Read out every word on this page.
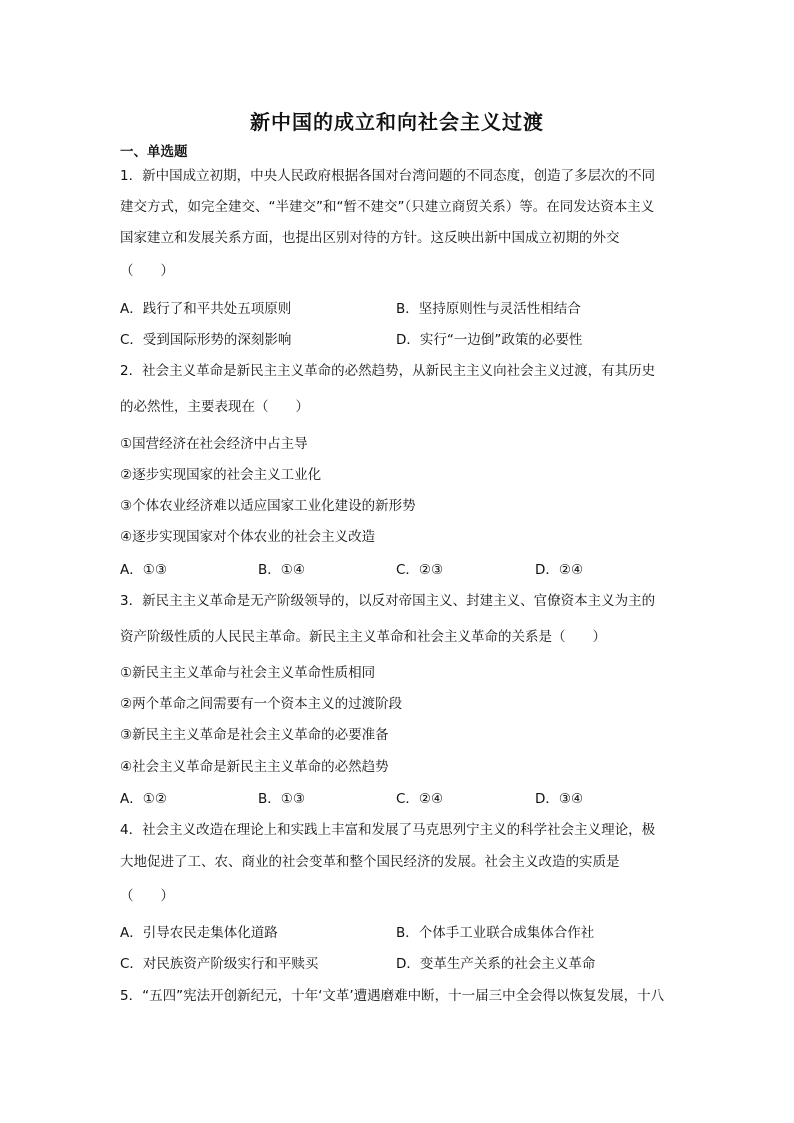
新中国的成立和向社会主义过渡
一、单选题
1．新中国成立初期，中央人民政府根据各国对台湾问题的不同态度，创造了多层次的不同
建交方式，如完全建交、“半建交”和“暂不建交”（只建立商贸关系）等。在同发达资本主义
国家建立和发展关系方面，也提出区别对待的方针。这反映出新中国成立初期的外交
（　　）
A．践行了和平共处五项原则	B．坚持原则性与灵活性相结合
C．受到国际形势的深刻影响	D．实行“一边倒”政策的必要性
2．社会主义革命是新民主主义革命的必然趋势，从新民主主义向社会主义过渡，有其历史
的必然性，主要表现在（　　）
①国营经济在社会经济中占主导
②逐步实现国家的社会主义工业化
③个体农业经济难以适应国家工业化建设的新形势
④逐步实现国家对个体农业的社会主义改造
A．①③	B．①④	C．②③	D．②④
3．新民主主义革命是无产阶级领导的，以反对帝国主义、封建主义、官僚资本主义为主的
资产阶级性质的人民民主革命。新民主主义革命和社会主义革命的关系是（　　）
①新民主主义革命与社会主义革命性质相同
②两个革命之间需要有一个资本主义的过渡阶段
③新民主主义革命是社会主义革命的必要准备
④社会主义革命是新民主主义革命的必然趋势
A．①②	B．①③	C．②④	D．③④
4．社会主义改造在理论上和实践上丰富和发展了马克思列宁主义的科学社会主义理论，极
大地促进了工、农、商业的社会变革和整个国民经济的发展。社会主义改造的实质是
（　　）
A．引导农民走集体化道路	B．个体手工业联合成集体合作社
C．对民族资产阶级实行和平赎买	D．变革生产关系的社会主义革命
5．“五四”宪法开创新纪元，十年‘文革’遭遇磨难中断，十一届三中全会得以恢复发展，十八
